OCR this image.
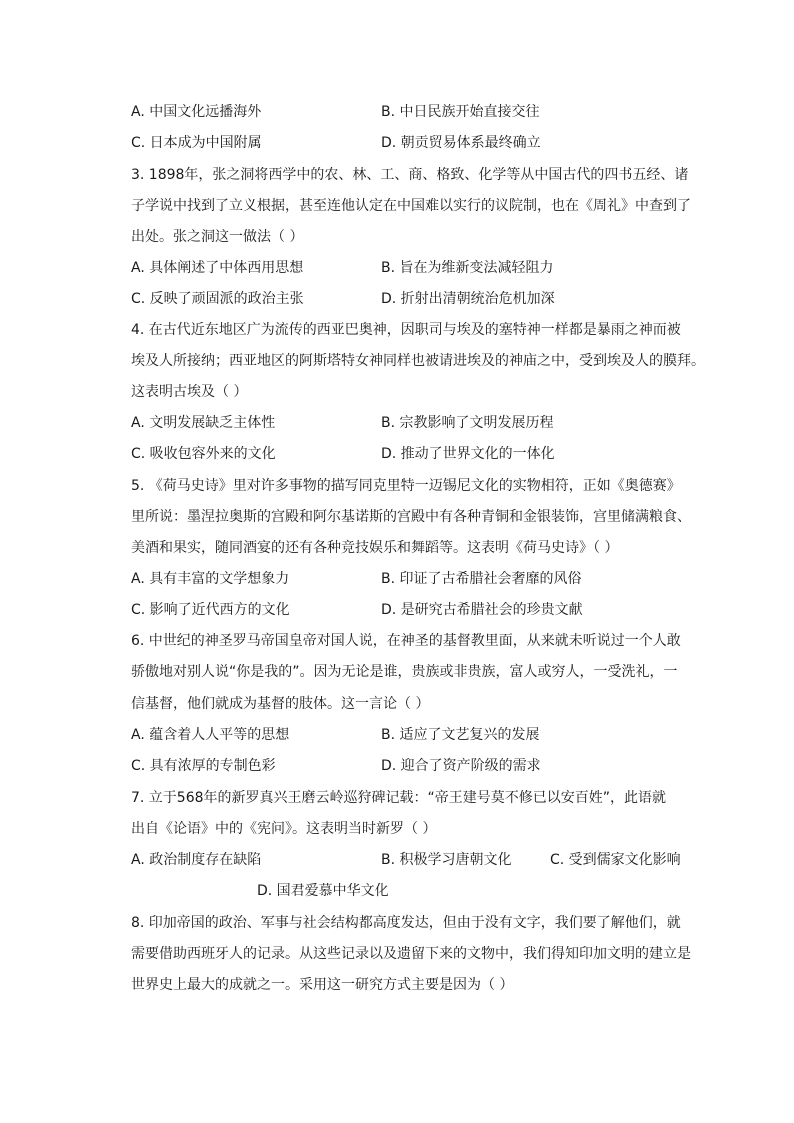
A. 中国文化远播海外	B. 中日民族开始直接交往
C. 日本成为中国附属	D. 朝贡贸易体系最终确立
3. 1898年，张之洞将西学中的农、林、工、商、格致、化学等从中国古代的四书五经、诸
子学说中找到了立义根据，甚至连他认定在中国难以实行的议院制，也在《周礼》中查到了
出处。张之洞这一做法（ ）
A. 具体阐述了中体西用思想	B. 旨在为维新变法减轻阻力
C. 反映了顽固派的政治主张	D. 折射出清朝统治危机加深
4. 在古代近东地区广为流传的西亚巴奥神，因职司与埃及的塞特神一样都是暴雨之神而被
埃及人所接纳；西亚地区的阿斯塔特女神同样也被请进埃及的神庙之中，受到埃及人的膜拜。
这表明古埃及（ ）
A. 文明发展缺乏主体性	B. 宗教影响了文明发展历程
C. 吸收包容外来的文化	D. 推动了世界文化的一体化
5. 《荷马史诗》里对许多事物的描写同克里特一迈锡尼文化的实物相符，正如《奥德赛》
里所说：墨涅拉奥斯的宫殿和阿尔基诺斯的宫殿中有各种青铜和金银装饰，宫里储满粮食、
美酒和果实，随同酒宴的还有各种竞技娱乐和舞蹈等。这表明《荷马史诗》（ ）
A. 具有丰富的文学想象力	B. 印证了古希腊社会奢靡的风俗
C. 影响了近代西方的文化	D. 是研究古希腊社会的珍贵文献
6. 中世纪的神圣罗马帝国皇帝对国人说，在神圣的基督教里面，从来就未听说过一个人敢
骄傲地对别人说“你是我的”。因为无论是谁，贵族或非贵族，富人或穷人，一受洗礼，一
信基督，他们就成为基督的肢体。这一言论（ ）
A. 蕴含着人人平等的思想	B. 适应了文艺复兴的发展
C. 具有浓厚的专制色彩	D. 迎合了资产阶级的需求
7. 立于568年的新罗真兴王磨云岭巡狩碑记载：“帝王建号莫不修已以安百姓”，此语就
出自《论语》中的《宪问》。这表明当时新罗（ ）
A. 政治制度存在缺陷	B. 积极学习唐朝文化	C. 受到儒家文化影响
D. 国君爱慕中华文化
8. 印加帝国的政治、军事与社会结构都高度发达，但由于没有文字，我们要了解他们，就
需要借助西班牙人的记录。从这些记录以及遗留下来的文物中，我们得知印加文明的建立是
世界史上最大的成就之一。采用这一研究方式主要是因为（ ）
